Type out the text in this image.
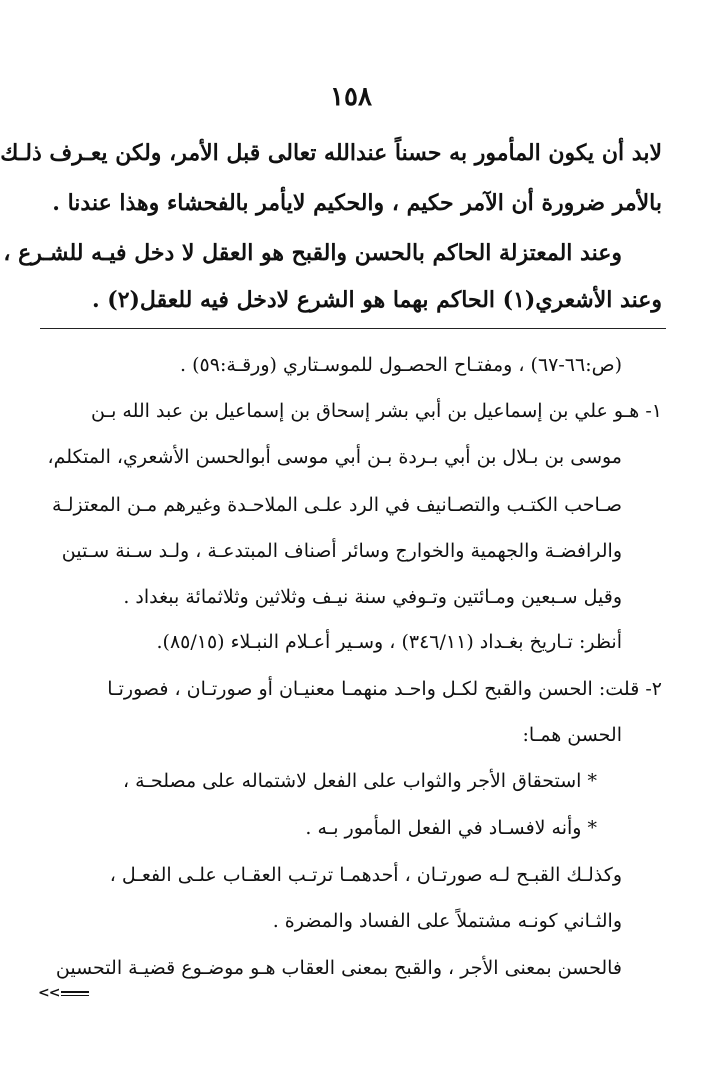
١٥٨
لابد أن يكون المأمور به حسناً عندالله تعالى قبل الأمر، ولكن يعـرف ذلـك
بالأمر ضرورة أن الآمر حكيم ، والحكيم لايأمر بالفحشاء وهذا عندنا .
وعند المعتزلة الحاكم بالحسن والقبح هو العقل لا دخل فيـه للشـرع ،
وعند الأشعري(١) الحاكم بهما هو الشرع لادخل فيه للعقل(٢) .
(ص:٦٦-٦٧) ، ومفتـاح الحصـول للموسـتاري (ورقـة:٥٩) .
١- هـو علي بن إسماعيل بن أبي بشر إسحاق بن إسماعيل بن عبد الله بـن
موسى بن بـلال بن أبي بـردة بـن أبي موسى أبوالحسن الأشعري، المتكلم،
صـاحب الكتـب والتصـانيف في الرد علـى الملاحـدة وغيرهم مـن المعتزلـة
والرافضـة والجهمية والخوارج وسائر أصناف المبتدعـة ، ولـد سـنة سـتين
وقيل سـبعين ومـائتين وتـوفي سنة نيـف وثلاثين وثلاثمائة ببغداد .
أنظر: تـاريخ بغـداد (٣٤٦/١١) ، وسـير أعـلام النبـلاء (٨٥/١٥).
٢- قلت: الحسن والقبح لكـل واحـد منهمـا معنيـان أو صورتـان ، فصورتـا
الحسن همـا:
* استحقاق الأجر والثواب على الفعل لاشتماله على مصلحـة ،
* وأنه لافسـاد في الفعل المأمور بـه .
وكذلـك القبـح لـه صورتـان ، أحدهمـا ترتـب العقـاب علـى الفعـل ،
والثـاني كونـه مشتملاً على الفساد والمضرة .
فالحسن بمعنى الأجر ، والقبح بمعنى العقاب هـو موضـوع قضيـة التحسين
<<
